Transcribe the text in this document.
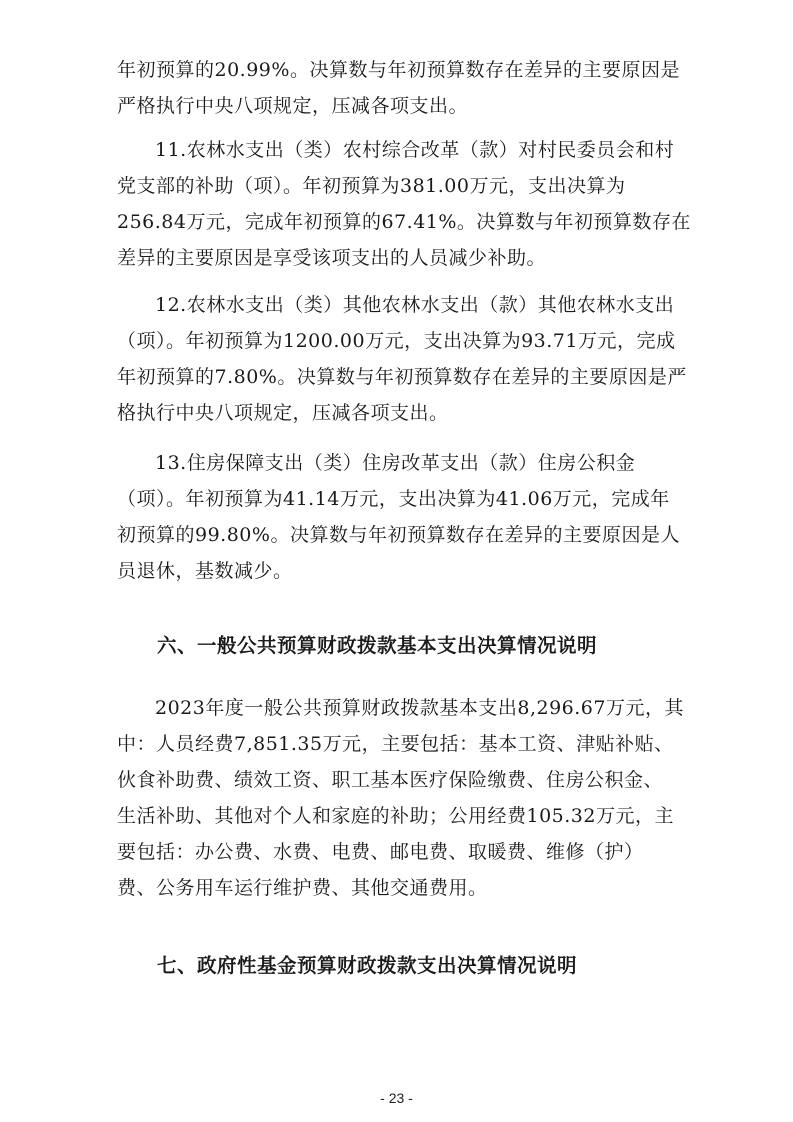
年初预算的20.99%。决算数与年初预算数存在差异的主要原因是
严格执行中央八项规定，压减各项支出。

11.农林水支出（类）农村综合改革（款）对村民委员会和村
党支部的补助（项）。年初预算为381.00万元，支出决算为
256.84万元，完成年初预算的67.41%。决算数与年初预算数存在
差异的主要原因是享受该项支出的人员减少补助。

12.农林水支出（类）其他农林水支出（款）其他农林水支出
（项）。年初预算为1200.00万元，支出决算为93.71万元，完成
年初预算的7.80%。决算数与年初预算数存在差异的主要原因是严
格执行中央八项规定，压减各项支出。

13.住房保障支出（类）住房改革支出（款）住房公积金
（项）。年初预算为41.14万元，支出决算为41.06万元，完成年
初预算的99.80%。决算数与年初预算数存在差异的主要原因是人
员退休，基数减少。

六、一般公共预算财政拨款基本支出决算情况说明

2023年度一般公共预算财政拨款基本支出8,296.67万元，其
中：人员经费7,851.35万元，主要包括：基本工资、津贴补贴、
伙食补助费、绩效工资、职工基本医疗保险缴费、住房公积金、
生活补助、其他对个人和家庭的补助；公用经费105.32万元，主
要包括：办公费、水费、电费、邮电费、取暖费、维修（护）
费、公务用车运行维护费、其他交通费用。

七、政府性基金预算财政拨款支出决算情况说明
- 23 -
